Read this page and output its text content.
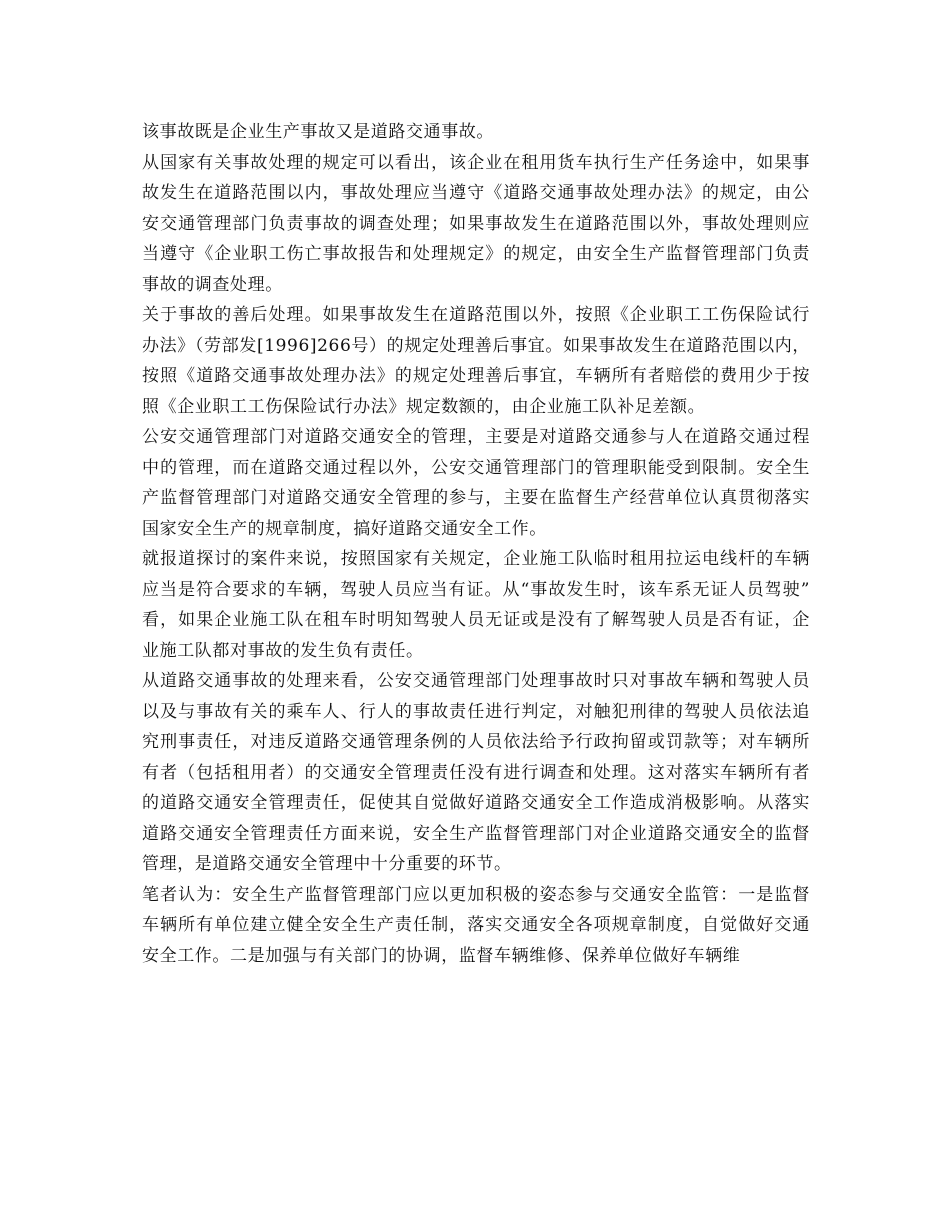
该事故既是企业生产事故又是道路交通事故。

从国家有关事故处理的规定可以看出，该企业在租用货车执行生产任务途中，如果事故发生在道路范围以内，事故处理应当遵守《道路交通事故处理办法》的规定，由公安交通管理部门负责事故的调查处理；如果事故发生在道路范围以外，事故处理则应当遵守《企业职工伤亡事故报告和处理规定》的规定，由安全生产监督管理部门负责事故的调查处理。

关于事故的善后处理。如果事故发生在道路范围以外，按照《企业职工工伤保险试行办法》（劳部发[1996]266号）的规定处理善后事宜。如果事故发生在道路范围以内，按照《道路交通事故处理办法》的规定处理善后事宜，车辆所有者赔偿的费用少于按照《企业职工工伤保险试行办法》规定数额的，由企业施工队补足差额。

公安交通管理部门对道路交通安全的管理，主要是对道路交通参与人在道路交通过程中的管理，而在道路交通过程以外，公安交通管理部门的管理职能受到限制。安全生产监督管理部门对道路交通安全管理的参与，主要在监督生产经营单位认真贯彻落实国家安全生产的规章制度，搞好道路交通安全工作。

就报道探讨的案件来说，按照国家有关规定，企业施工队临时租用拉运电线杆的车辆应当是符合要求的车辆，驾驶人员应当有证。从“事故发生时，该车系无证人员驾驶”看，如果企业施工队在租车时明知驾驶人员无证或是没有了解驾驶人员是否有证，企业施工队都对事故的发生负有责任。

从道路交通事故的处理来看，公安交通管理部门处理事故时只对事故车辆和驾驶人员以及与事故有关的乘车人、行人的事故责任进行判定，对触犯刑律的驾驶人员依法追究刑事责任，对违反道路交通管理条例的人员依法给予行政拘留或罚款等；对车辆所有者（包括租用者）的交通安全管理责任没有进行调查和处理。这对落实车辆所有者的道路交通安全管理责任，促使其自觉做好道路交通安全工作造成消极影响。从落实道路交通安全管理责任方面来说，安全生产监督管理部门对企业道路交通安全的监督管理，是道路交通安全管理中十分重要的环节。

笔者认为：安全生产监督管理部门应以更加积极的姿态参与交通安全监管：一是监督车辆所有单位建立健全安全生产责任制，落实交通安全各项规章制度，自觉做好交通安全工作。二是加强与有关部门的协调，监督车辆维修、保养单位做好车辆维
